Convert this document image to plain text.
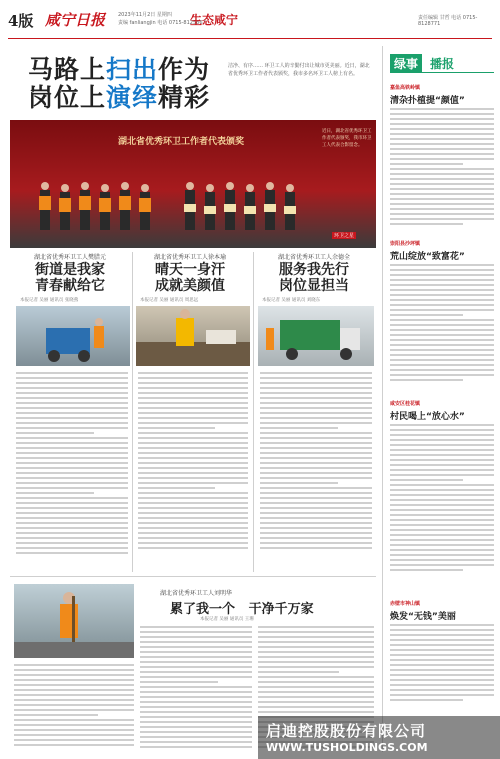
4版 咸宁日报	2023年11月2日 星期四
责编 fanliangjin 电话 0715-8125867
生态咸宁	责任编辑 甘哲 电话 0715-8128771
马路上扫出作为
岗位上演绎精彩
洁净、有序…… 环卫工人的辛勤付出让城市更美丽。近日，湖北省优秀环卫工作者代表颁奖，我市多名环卫工人榜上有名。
湖北省优秀环卫工作者代表颁奖
近日，湖北省优秀环卫工作者代表颁奖，我市环卫工人代表合影留念。
环卫之星
湖北省优秀环卫工人樊腊元
街道是我家
青春献给它
本报记者 吴丽 通讯员 张晓燕
湖北省优秀环卫工人徐本瑜
晴天一身汗
成就美颜值
本报记者 吴丽 通讯员 周思远
湖北省优秀环卫工人余德全
服务我先行
岗位显担当
本报记者 吴丽 通讯员 刘晓东
湖北省优秀环卫工人刘明华
累了我一个   干净千万家
本报记者 吴丽 通讯员 王珊
绿事 播报
嘉鱼高铁岭镇
清杂扑植提“颜值”
崇阳县沙坪镇
荒山绽放“致富花”
咸安区桂花镇
村民喝上“放心水”
赤壁市神山镇
焕发“无钱”美丽
启迪控股股份有限公司
WWW.TUSHOLDINGS.COM
